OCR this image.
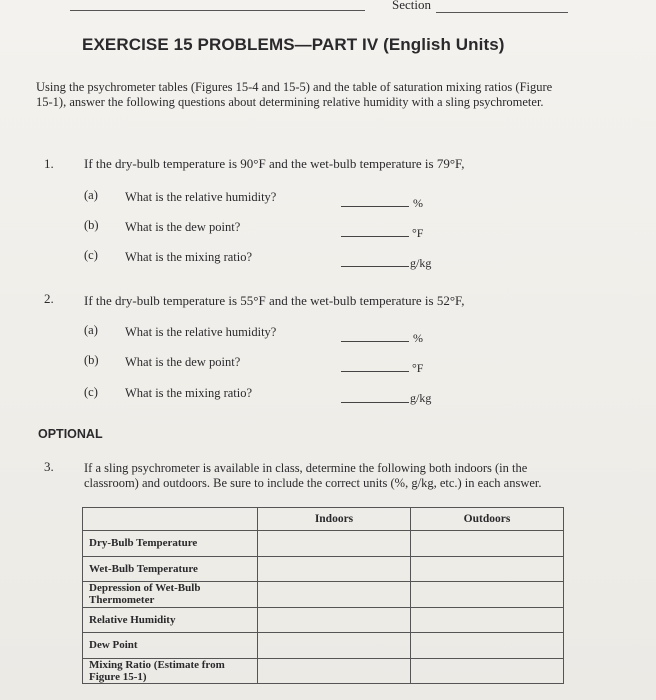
Section
EXERCISE 15 PROBLEMS—PART IV (English Units)
Using the psychrometer tables (Figures 15-4 and 15-5) and the table of saturation mixing ratios (Figure 15-1), answer the following questions about determining relative humidity with a sling psychrometer.
1. If the dry-bulb temperature is 90°F and the wet-bulb temperature is 79°F,
(a) What is the relative humidity?	%
(b) What is the dew point?	°F
(c) What is the mixing ratio?	g/kg
2. If the dry-bulb temperature is 55°F and the wet-bulb temperature is 52°F,
(a) What is the relative humidity?	%
(b) What is the dew point?	°F
(c) What is the mixing ratio?	g/kg
OPTIONAL
3. If a sling psychrometer is available in class, determine the following both indoors (in the classroom) and outdoors. Be sure to include the correct units (%, g/kg, etc.) in each answer.
	Indoors	Outdoors
Dry-Bulb Temperature		
Wet-Bulb Temperature		
Depression of Wet-Bulb Thermometer		
Relative Humidity		
Dew Point		
Mixing Ratio (Estimate from Figure 15-1)		
